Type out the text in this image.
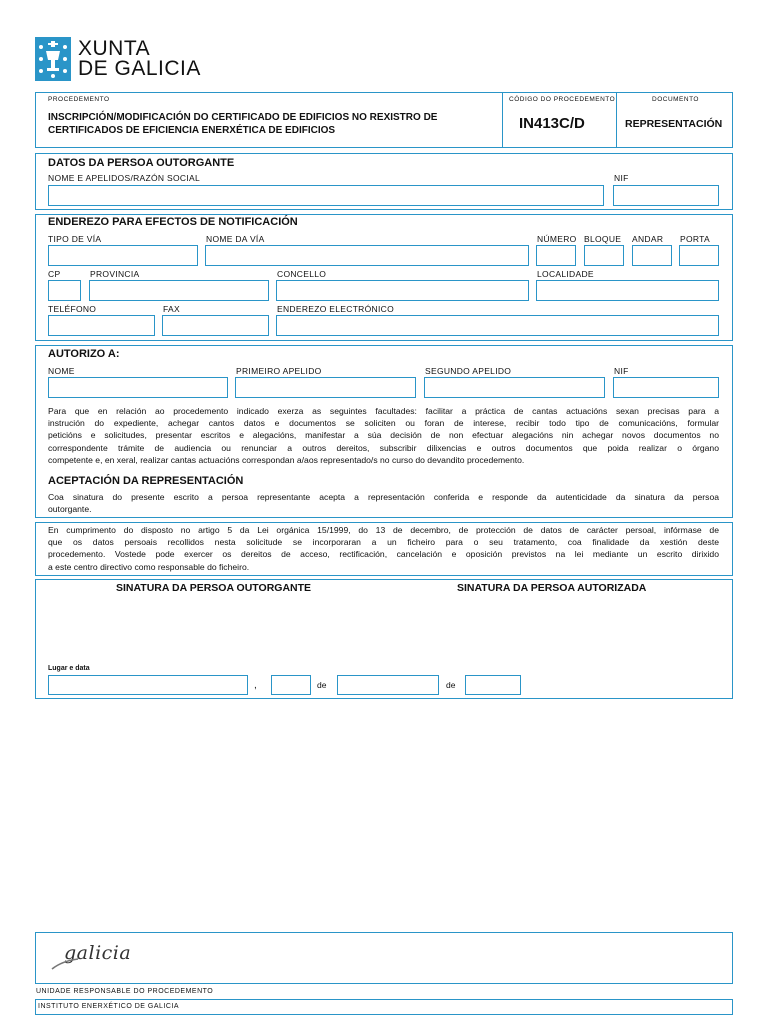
XUNTA
DE GALICIA
PROCEDEMENTO
INSCRIPCIÓN/MODIFICACIÓN DO CERTIFICADO DE EDIFICIOS NO REXISTRO DE
CERTIFICADOS DE EFICIENCIA ENERXÉTICA DE EDIFICIOS
CÓDIGO DO PROCEDEMENTO
IN413C/D
DOCUMENTO
REPRESENTACIÓN
DATOS DA PERSOA OUTORGANTE
NOME E APELIDOS/RAZÓN SOCIAL	NIF
ENDEREZO PARA EFECTOS DE NOTIFICACIÓN
TIPO DE VÍA	NOME DA VÍA	NÚMERO BLOQUE ANDAR PORTA
CP	PROVINCIA	CONCELLO	LOCALIDADE
TELÉFONO	FAX	ENDEREZO ELECTRÓNICO
AUTORIZO A:
NOME	PRIMEIRO APELIDO	SEGUNDO APELIDO	NIF
Para que en relación ao procedemento indicado exerza as seguintes facultades: facilitar a práctica de cantas actuacións sexan precisas para a
instrución do expediente, achegar cantos datos e documentos se soliciten ou foran de interese, recibir todo tipo de comunicacións, formular
peticións e solicitudes, presentar escritos e alegacións, manifestar a súa decisión de non efectuar alegacións nin achegar novos documentos no
correspondente trámite de audiencia ou renunciar a outros dereitos, subscribir dilixencias e outros documentos que poida realizar o órgano
competente e, en xeral, realizar cantas actuacións correspondan a/aos representado/s no curso do devandito procedemento.
ACEPTACIÓN DA REPRESENTACIÓN
Coa sinatura do presente escrito a persoa representante acepta a representación conferida e responde da autenticidade da sinatura da persoa
outorgante.
En cumprimento do disposto no artigo 5 da Lei orgánica 15/1999, do 13 de decembro, de protección de datos de carácter persoal, infórmase de
que os datos persoais recollidos nesta solicitude se incorporaran a un ficheiro para o seu tratamento, coa finalidade da xestión deste
procedemento. Vostede pode exercer os dereitos de acceso, rectificación, cancelación e oposición previstos na lei mediante un escrito dirixido
a este centro directivo como responsable do ficheiro.
SINATURA DA PERSOA OUTORGANTE	SINATURA DA PERSOA AUTORIZADA
Lugar e data
,	de	de
galicia
UNIDADE RESPONSABLE DO PROCEDEMENTO
INSTITUTO ENERXÉTICO DE GALICIA
